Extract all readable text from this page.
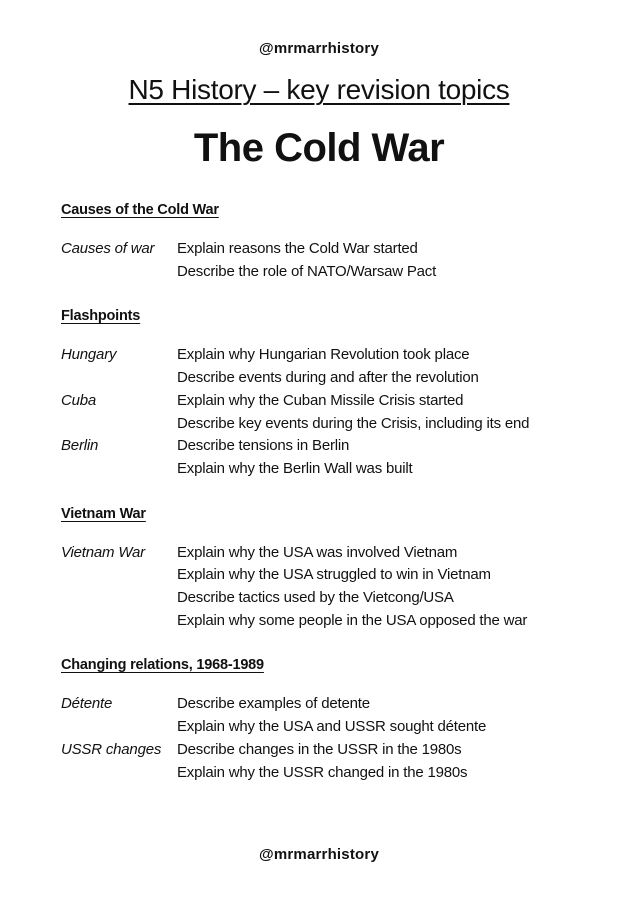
@mrmarrhistory
N5 History – key revision topics
The Cold War
Causes of the Cold War
Causes of war	Explain reasons the Cold War started
Describe the role of NATO/Warsaw Pact
Flashpoints
Hungary	Explain why Hungarian Revolution took place
Describe events during and after the revolution
Cuba	Explain why the Cuban Missile Crisis started
Describe key events during the Crisis, including its end
Berlin	Describe tensions in Berlin
Explain why the Berlin Wall was built
Vietnam War
Vietnam War	Explain why the USA was involved Vietnam
Explain why the USA struggled to win in Vietnam
Describe tactics used by the Vietcong/USA
Explain why some people in the USA opposed the war
Changing relations, 1968-1989
Détente	Describe examples of detente
Explain why the USA and USSR sought détente
USSR changes	Describe changes in the USSR in the 1980s
Explain why the USSR changed in the 1980s
@mrmarrhistory
